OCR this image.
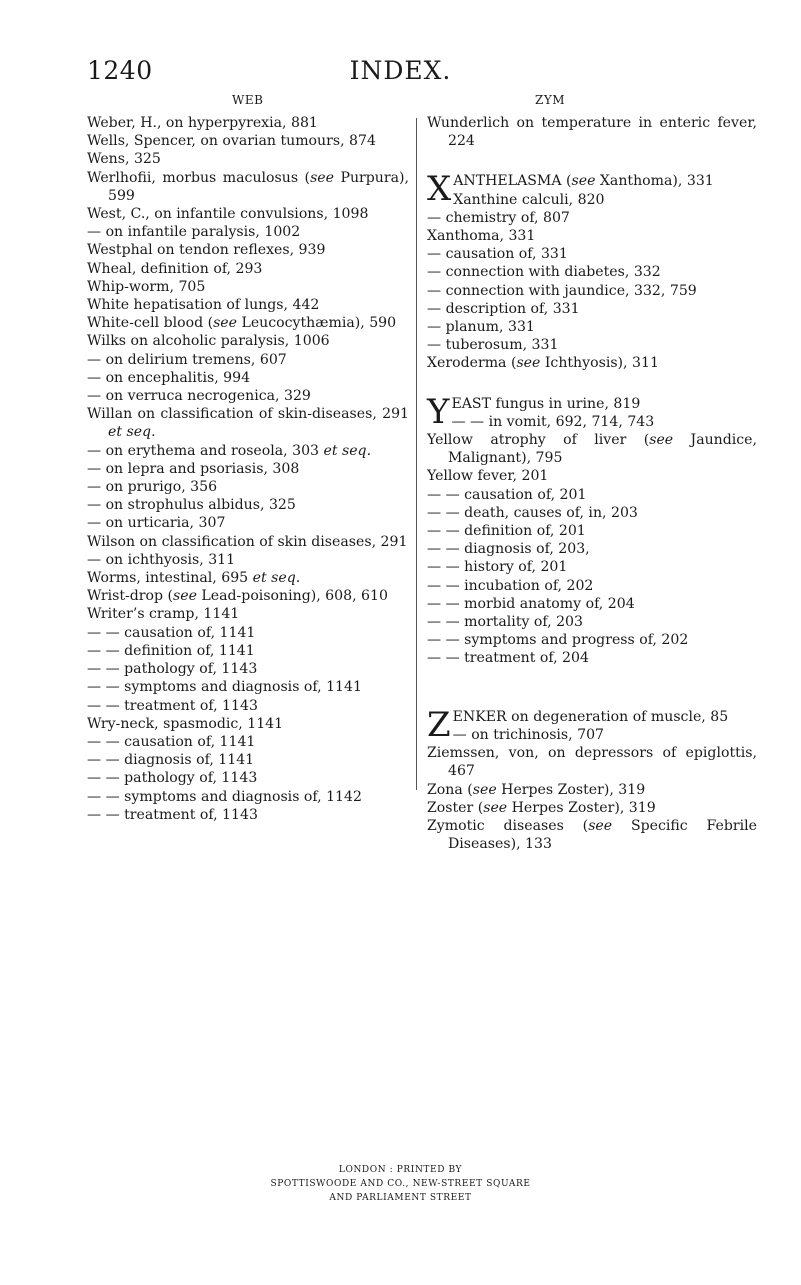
1240	INDEX.
WEB	ZYM
Weber, H., on hyperpyrexia, 881
Wells, Spencer, on ovarian tumours, 874
Wens, 325
Werlhofii, morbus maculosus (see Purpura), 599
West, C., on infantile convulsions, 1098
— on infantile paralysis, 1002
Westphal on tendon reflexes, 939
Wheal, definition of, 293
Whip-worm, 705
White hepatisation of lungs, 442
White-cell blood (see Leucocythæmia), 590
Wilks on alcoholic paralysis, 1006
— on delirium tremens, 607
— on encephalitis, 994
— on verruca necrogenica, 329
Willan on classification of skin-diseases, 291 et seq.
— on erythema and roseola, 303 et seq.
— on lepra and psoriasis, 308
— on prurigo, 356
— on strophulus albidus, 325
— on urticaria, 307
Wilson on classification of skin diseases, 291
— on ichthyosis, 311
Worms, intestinal, 695 et seq.
Wrist-drop (see Lead-poisoning), 608, 610
Writer’s cramp, 1141
— — causation of, 1141
— — definition of, 1141
— — pathology of, 1143
— — symptoms and diagnosis of, 1141
— — treatment of, 1143
Wry-neck, spasmodic, 1141
— — causation of, 1141
— — diagnosis of, 1141
— — pathology of, 1143
— — symptoms and diagnosis of, 1142
— — treatment of, 1143
Wunderlich on temperature in enteric fever, 224
X ANTHELASMA (see Xanthoma), 331
Xanthine calculi, 820
— chemistry of, 807
Xanthoma, 331
— causation of, 331
— connection with diabetes, 332
— connection with jaundice, 332, 759
— description of, 331
— planum, 331
— tuberosum, 331
Xeroderma (see Ichthyosis), 311
Y EAST fungus in urine, 819
— — in vomit, 692, 714, 743
Yellow atrophy of liver (see Jaundice, Malignant), 795
Yellow fever, 201
— — causation of, 201
— — death, causes of, in, 203
— — definition of, 201
— — diagnosis of, 203,
— — history of, 201
— — incubation of, 202
— — morbid anatomy of, 204
— — mortality of, 203
— — symptoms and progress of, 202
— — treatment of, 204
Z ENKER on degeneration of muscle, 85
— on trichinosis, 707
Ziemssen, von, on depressors of epiglottis, 467
Zona (see Herpes Zoster), 319
Zoster (see Herpes Zoster), 319
Zymotic diseases (see Specific Febrile Diseases), 133
LONDON : PRINTED BY
SPOTTISWOODE AND CO., NEW-STREET SQUARE
AND PARLIAMENT STREET
